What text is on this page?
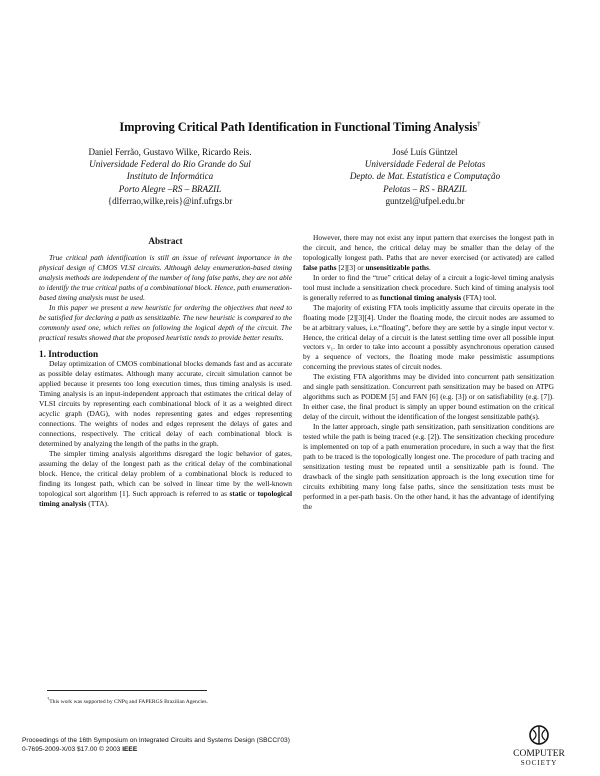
Improving Critical Path Identification in Functional Timing Analysis†
Daniel Ferrão, Gustavo Wilke, Ricardo Reis.
Universidade Federal do Rio Grande do Sul
Instituto de Informática
Porto Alegre –RS – BRAZIL
{dlferrao,wilke,reis}@inf.ufrgs.br
José Luís Güntzel
Universidade Federal de Pelotas
Depto. de Mat. Estatística e Computação
Pelotas – RS - BRAZIL
guntzel@ufpel.edu.br
Abstract

True critical path identification is still an issue of relevant importance in the physical design of CMOS VLSI circuits. Although delay enumeration-based timing analysis methods are independent of the number of long false paths, they are not able to identify the true critical paths of a combinational block. Hence, path enumeration-based timing analysis must be used.

In this paper we present a new heuristic for ordering the objectives that need to be satisfied for declaring a path as sensitizable. The new heuristic is compared to the commonly used one, which relies on following the logical depth of the circuit. The practical results showed that the proposed heuristic tends to provide better results.

1. Introduction

Delay optimization of CMOS combinational blocks demands fast and as accurate as possible delay estimates. Although many accurate, circuit simulation cannot be applied because it presents too long execution times, thus timing analysis is used. Timing analysis is an input-independent approach that estimates the critical delay of VLSI circuits by representing each combinational block of it as a weighted direct acyclic graph (DAG), with nodes representing gates and edges representing connections. The weights of nodes and edges represent the delays of gates and connections, respectively. The critical delay of each combinational block is determined by analyzing the length of the paths in the graph.

The simpler timing analysis algorithms disregard the logic behavior of gates, assuming the delay of the longest path as the critical delay of the combinational block. Hence, the critical delay problem of a combinational block is reduced to finding its longest path, which can be solved in linear time by the well-known topological sort algorithm [1]. Such approach is referred to as static or topological timing analysis (TTA).

However, there may not exist any input pattern that exercises the longest path in the circuit, and hence, the critical delay may be smaller than the delay of the topologically longest path. Paths that are never exercised (or activated) are called false paths [2][3] or unsensitizable paths.

In order to find the “true” critical delay of a circuit a logic-level timing analysis tool must include a sensitization check procedure. Such kind of timing analysis tool is generally referred to as functional timing analysis (FTA) tool.

The majority of existing FTA tools implicitly assume that circuits operate in the floating mode [2][3][4]. Under the floating mode, the circuit nodes are assumed to be at arbitrary values, i.e.“floating”, before they are settle by a single input vector v. Hence, the critical delay of a circuit is the latest settling time over all possible input vectors v₁. In order to take into account a possibly asynchronous operation caused by a sequence of vectors, the floating mode make pessimistic assumptions concerning the previous states of circuit nodes.

The existing FTA algorithms may be divided into concurrent path sensitization and single path sensitization. Concurrent path sensitization may be based on ATPG algorithms such as PODEM [5] and FAN [6] (e.g. [3]) or on satisfiability (e.g. [7]). In either case, the final product is simply an upper bound estimation on the critical delay of the circuit, without the identification of the longest sensitizable path(s).

In the latter approach, single path sensitization, path sensitization conditions are tested while the path is being traced (e.g. [2]). The sensitization checking procedure is implemented on top of a path enumeration procedure, in such a way that the first path to be traced is the topologically longest one. The procedure of path tracing and sensitization testing must be repeated until a sensitizable path is found. The drawback of the single path sensitization approach is the long execution time for circuits exhibiting many long false paths, since the sensitization tests must be performed in a per-path basis. On the other hand, it has the advantage of identifying the

†This work was supported by CNPq and FAPERGS Brazilian Agencies.
Proceedings of the 16th Symposium on Integrated Circuits and Systems Design (SBCCI’03)
0-7695-2009-X/03 $17.00 © 2003 IEEE	COMPUTER
SOCIETY
